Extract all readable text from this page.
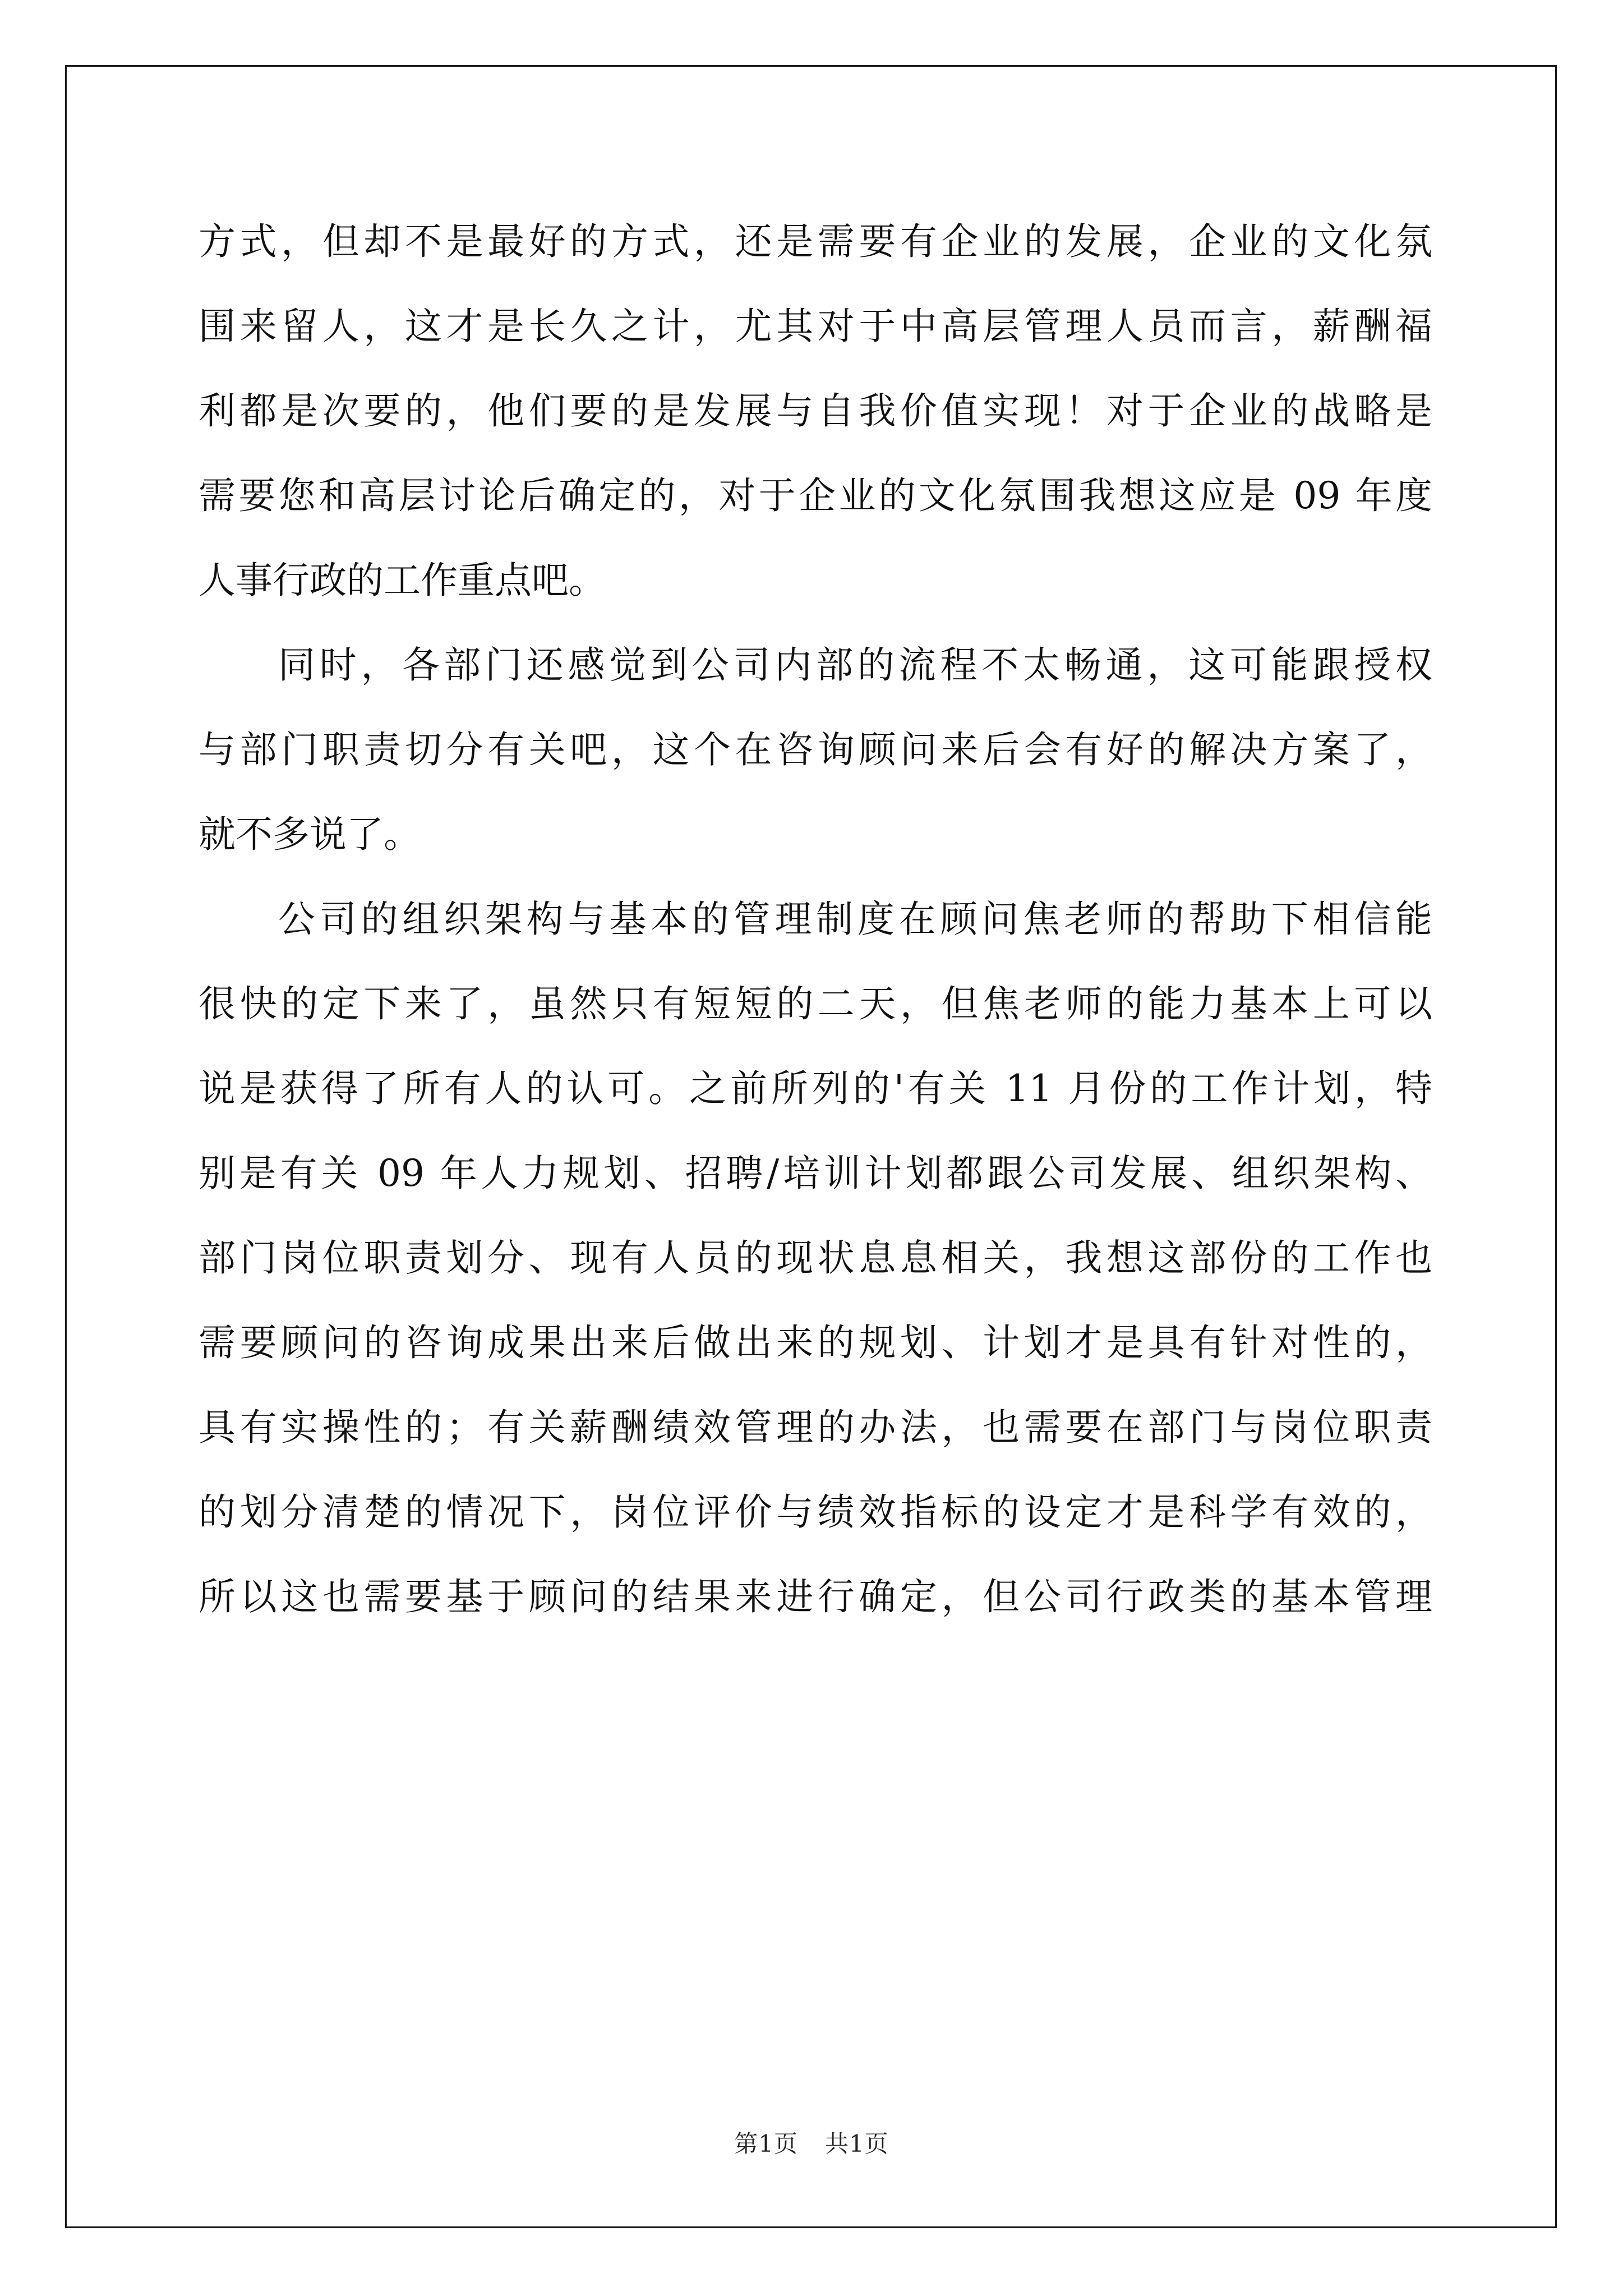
方式，但却不是最好的方式，还是需要有企业的发展，企业的文化氛
围来留人，这才是长久之计，尤其对于中高层管理人员而言，薪酬福
利都是次要的，他们要的是发展与自我价值实现！对于企业的战略是
需要您和高层讨论后确定的，对于企业的文化氛围我想这应是 09 年度
人事行政的工作重点吧。
同时，各部门还感觉到公司内部的流程不太畅通，这可能跟授权
与部门职责切分有关吧，这个在咨询顾问来后会有好的解决方案了，
就不多说了。
公司的组织架构与基本的管理制度在顾问焦老师的帮助下相信能
很快的定下来了，虽然只有短短的二天，但焦老师的能力基本上可以
说是获得了所有人的认可。之前所列的'有关 11 月份的工作计划，特
别是有关 09 年人力规划、招聘/培训计划都跟公司发展、组织架构、
部门岗位职责划分、现有人员的现状息息相关，我想这部份的工作也
需要顾问的咨询成果出来后做出来的规划、计划才是具有针对性的，
具有实操性的；有关薪酬绩效管理的办法，也需要在部门与岗位职责
的划分清楚的情况下，岗位评价与绩效指标的设定才是科学有效的，
所以这也需要基于顾问的结果来进行确定，但公司行政类的基本管理
第1页 共1页
